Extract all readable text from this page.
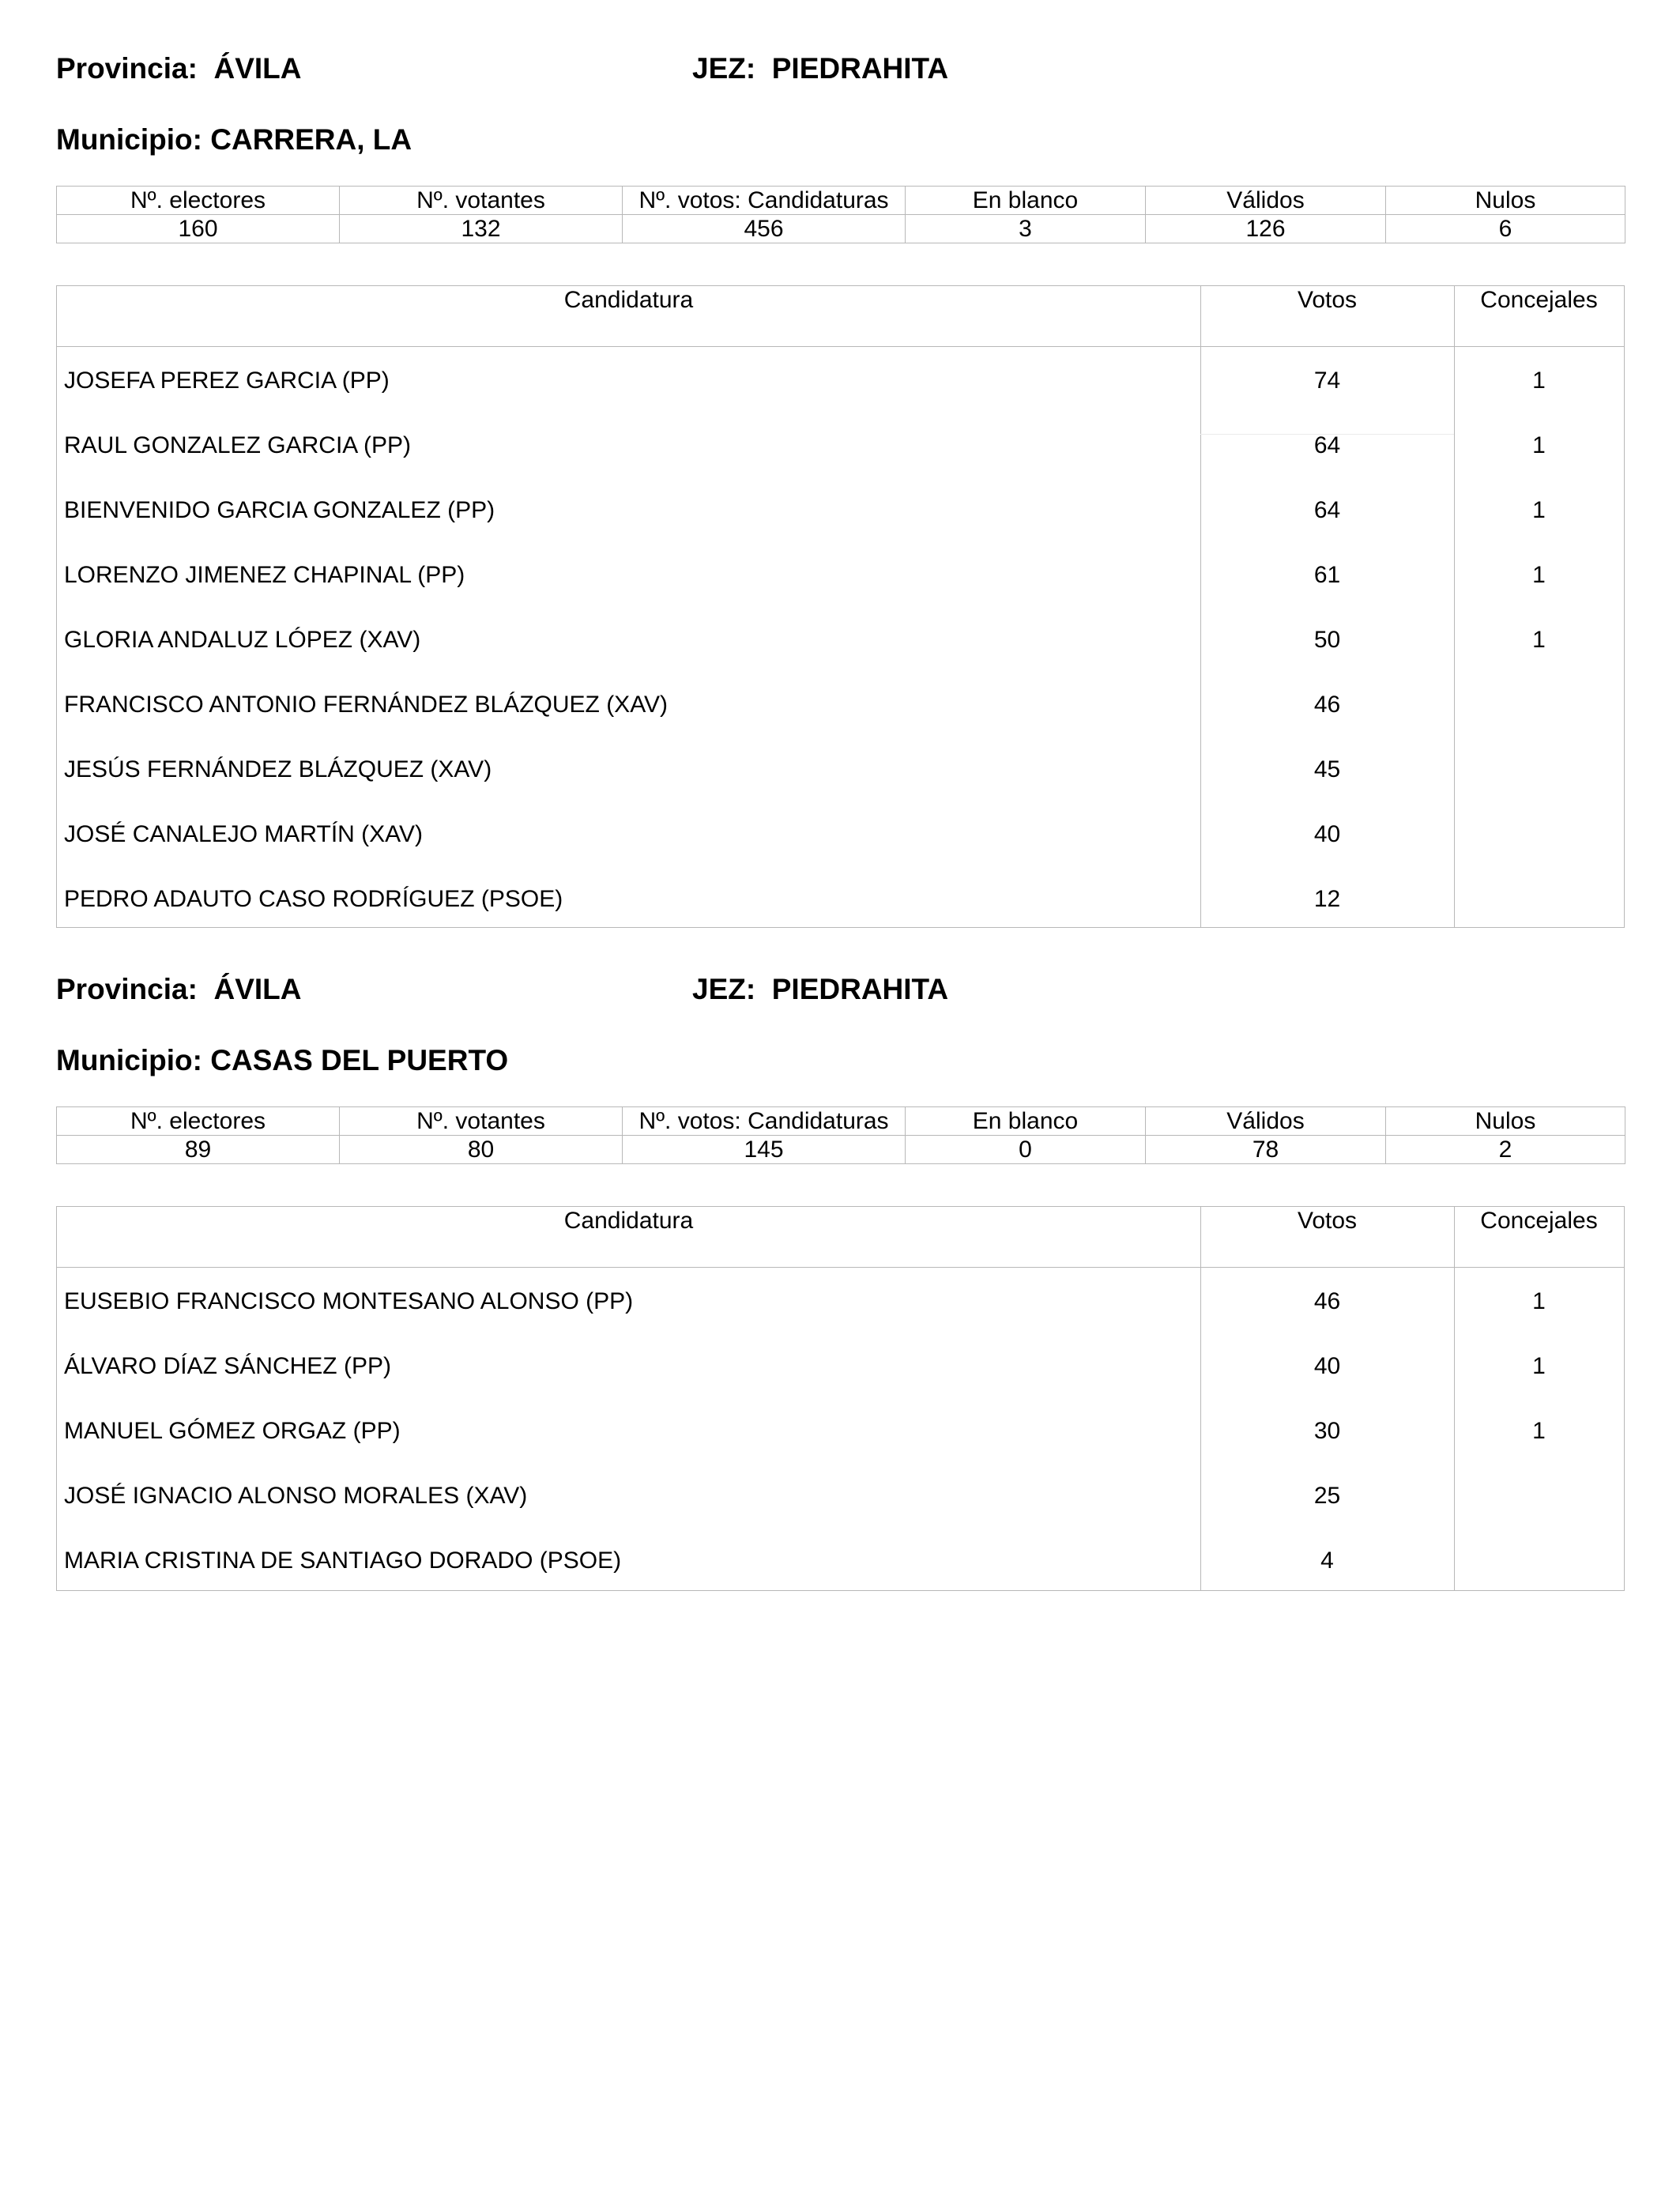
Provincia: ÁVILA	JEZ: PIEDRAHITA
Municipio: CARRERA, LA
Nº. electores	Nº. votantes	Nº. votos: Candidaturas	En blanco	Válidos	Nulos
160	132	456	3	126	6
Candidatura	Votos	Concejales
JOSEFA PEREZ GARCIA (PP)	74	1
RAUL GONZALEZ GARCIA (PP)	64	1
BIENVENIDO GARCIA GONZALEZ (PP)	64	1
LORENZO JIMENEZ CHAPINAL (PP)	61	1
GLORIA ANDALUZ LÓPEZ (XAV)	50	1
FRANCISCO ANTONIO FERNÁNDEZ BLÁZQUEZ (XAV)	46
JESÚS FERNÁNDEZ BLÁZQUEZ (XAV)	45
JOSÉ CANALEJO MARTÍN (XAV)	40
PEDRO ADAUTO CASO RODRÍGUEZ (PSOE)	12
Provincia: ÁVILA	JEZ: PIEDRAHITA
Municipio: CASAS DEL PUERTO
Nº. electores	Nº. votantes	Nº. votos: Candidaturas	En blanco	Válidos	Nulos
89	80	145	0	78	2
Candidatura	Votos	Concejales
EUSEBIO FRANCISCO MONTESANO ALONSO (PP)	46	1
ÁLVARO DÍAZ SÁNCHEZ (PP)	40	1
MANUEL GÓMEZ ORGAZ (PP)	30	1
JOSÉ IGNACIO ALONSO MORALES (XAV)	25
MARIA CRISTINA DE SANTIAGO DORADO (PSOE)	4
